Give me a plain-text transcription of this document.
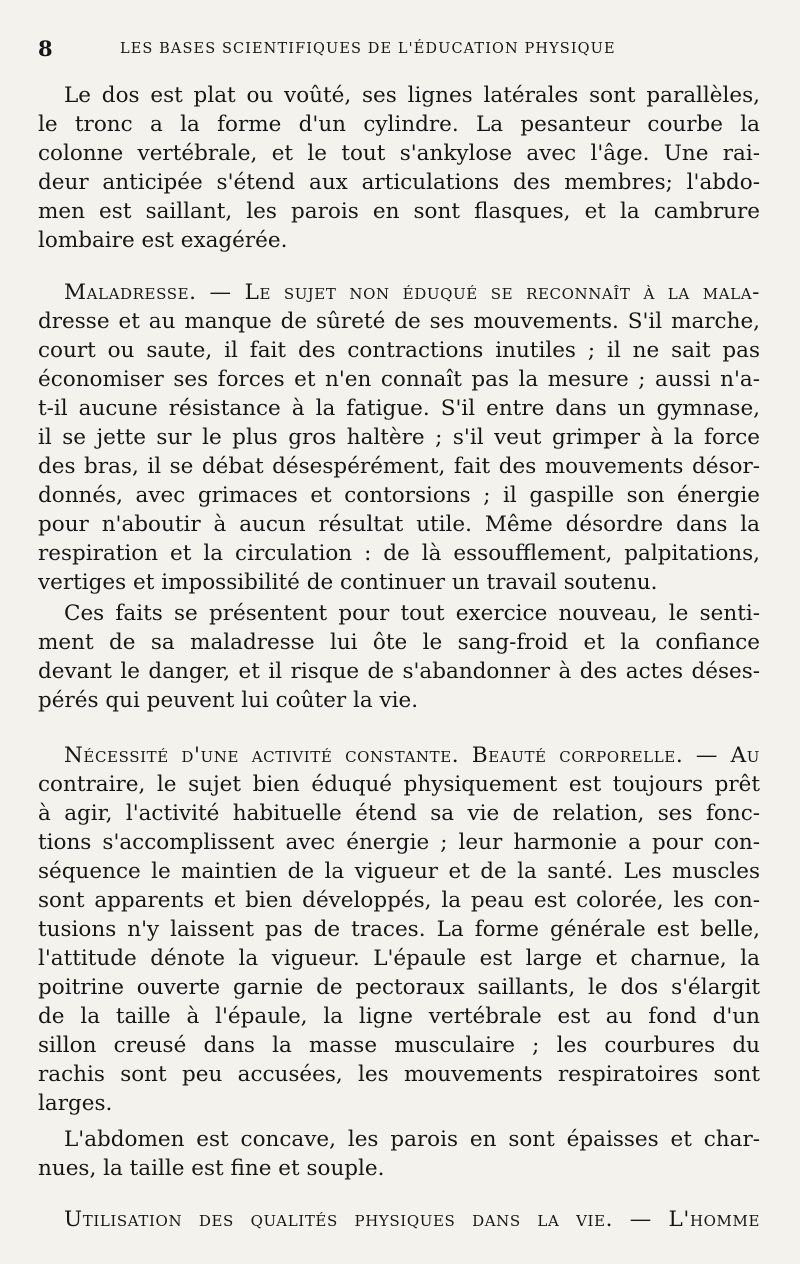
8	LES BASES SCIENTIFIQUES DE L'ÉDUCATION PHYSIQUE
Le dos est plat ou voûté, ses lignes latérales sont parallèles,
le tronc a la forme d'un cylindre. La pesanteur courbe la
colonne vertébrale, et le tout s'ankylose avec l'âge. Une rai-
deur anticipée s'étend aux articulations des membres; l'abdo-
men est saillant, les parois en sont flasques, et la cambrure
lombaire est exagérée.
Maladresse. — Le sujet non éduqué se reconnaît à la mala-
dresse et au manque de sûreté de ses mouvements. S'il marche,
court ou saute, il fait des contractions inutiles ; il ne sait pas
économiser ses forces et n'en connaît pas la mesure ; aussi n'a-
t-il aucune résistance à la fatigue. S'il entre dans un gymnase,
il se jette sur le plus gros haltère ; s'il veut grimper à la force
des bras, il se débat désespérément, fait des mouvements désor-
donnés, avec grimaces et contorsions ; il gaspille son énergie
pour n'aboutir à aucun résultat utile. Même désordre dans la
respiration et la circulation : de là essoufflement, palpitations,
vertiges et impossibilité de continuer un travail soutenu.
Ces faits se présentent pour tout exercice nouveau, le senti-
ment de sa maladresse lui ôte le sang-froid et la confiance
devant le danger, et il risque de s'abandonner à des actes déses-
pérés qui peuvent lui coûter la vie.
Nécessité d'une activité constante. Beauté corporelle. — Au
contraire, le sujet bien éduqué physiquement est toujours prêt
à agir, l'activité habituelle étend sa vie de relation, ses fonc-
tions s'accomplissent avec énergie ; leur harmonie a pour con-
séquence le maintien de la vigueur et de la santé. Les muscles
sont apparents et bien développés, la peau est colorée, les con-
tusions n'y laissent pas de traces. La forme générale est belle,
l'attitude dénote la vigueur. L'épaule est large et charnue, la
poitrine ouverte garnie de pectoraux saillants, le dos s'élargit
de la taille à l'épaule, la ligne vertébrale est au fond d'un
sillon creusé dans la masse musculaire ; les courbures du
rachis sont peu accusées, les mouvements respiratoires sont
larges.
L'abdomen est concave, les parois en sont épaisses et char-
nues, la taille est fine et souple.
Utilisation des qualités physiques dans la vie. — L'homme
